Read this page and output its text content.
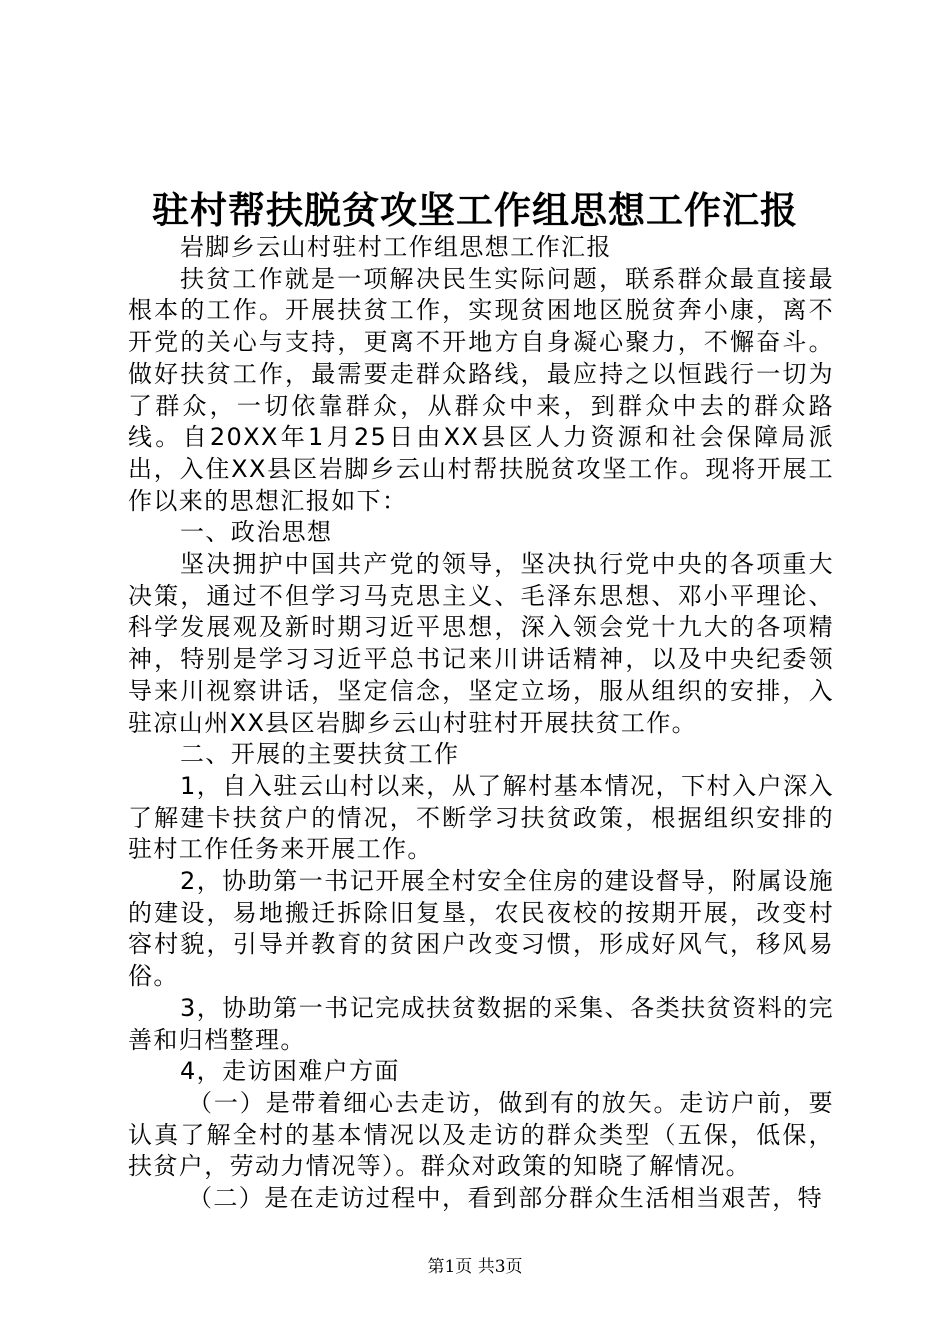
驻村帮扶脱贫攻坚工作组思想工作汇报

岩脚乡云山村驻村工作组思想工作汇报

扶贫工作就是一项解决民生实际问题，联系群众最直接最根本的工作。开展扶贫工作，实现贫困地区脱贫奔小康，离不开党的关心与支持，更离不开地方自身凝心聚力，不懈奋斗。做好扶贫工作，最需要走群众路线，最应持之以恒践行一切为了群众，一切依靠群众，从群众中来，到群众中去的群众路线。自20XX年1月25日由XX县区人力资源和社会保障局派出，入住XX县区岩脚乡云山村帮扶脱贫攻坚工作。现将开展工作以来的思想汇报如下：

一、政治思想

坚决拥护中国共产党的领导，坚决执行党中央的各项重大决策，通过不但学习马克思主义、毛泽东思想、邓小平理论、科学发展观及新时期习近平思想，深入领会党十九大的各项精神，特别是学习习近平总书记来川讲话精神，以及中央纪委领导来川视察讲话，坚定信念，坚定立场，服从组织的安排，入驻凉山州XX县区岩脚乡云山村驻村开展扶贫工作。

二、开展的主要扶贫工作

1，自入驻云山村以来，从了解村基本情况，下村入户深入了解建卡扶贫户的情况，不断学习扶贫政策，根据组织安排的驻村工作任务来开展工作。

2，协助第一书记开展全村安全住房的建设督导，附属设施的建设，易地搬迁拆除旧复垦，农民夜校的按期开展，改变村容村貌，引导并教育的贫困户改变习惯，形成好风气，移风易俗。

3，协助第一书记完成扶贫数据的采集、各类扶贫资料的完善和归档整理。

4，走访困难户方面

（一）是带着细心去走访，做到有的放矢。走访户前，要认真了解全村的基本情况以及走访的群众类型（五保，低保，扶贫户，劳动力情况等）。群众对政策的知晓了解情况。

（二）是在走访过程中，看到部分群众生活相当艰苦，特

第1页 共3页
